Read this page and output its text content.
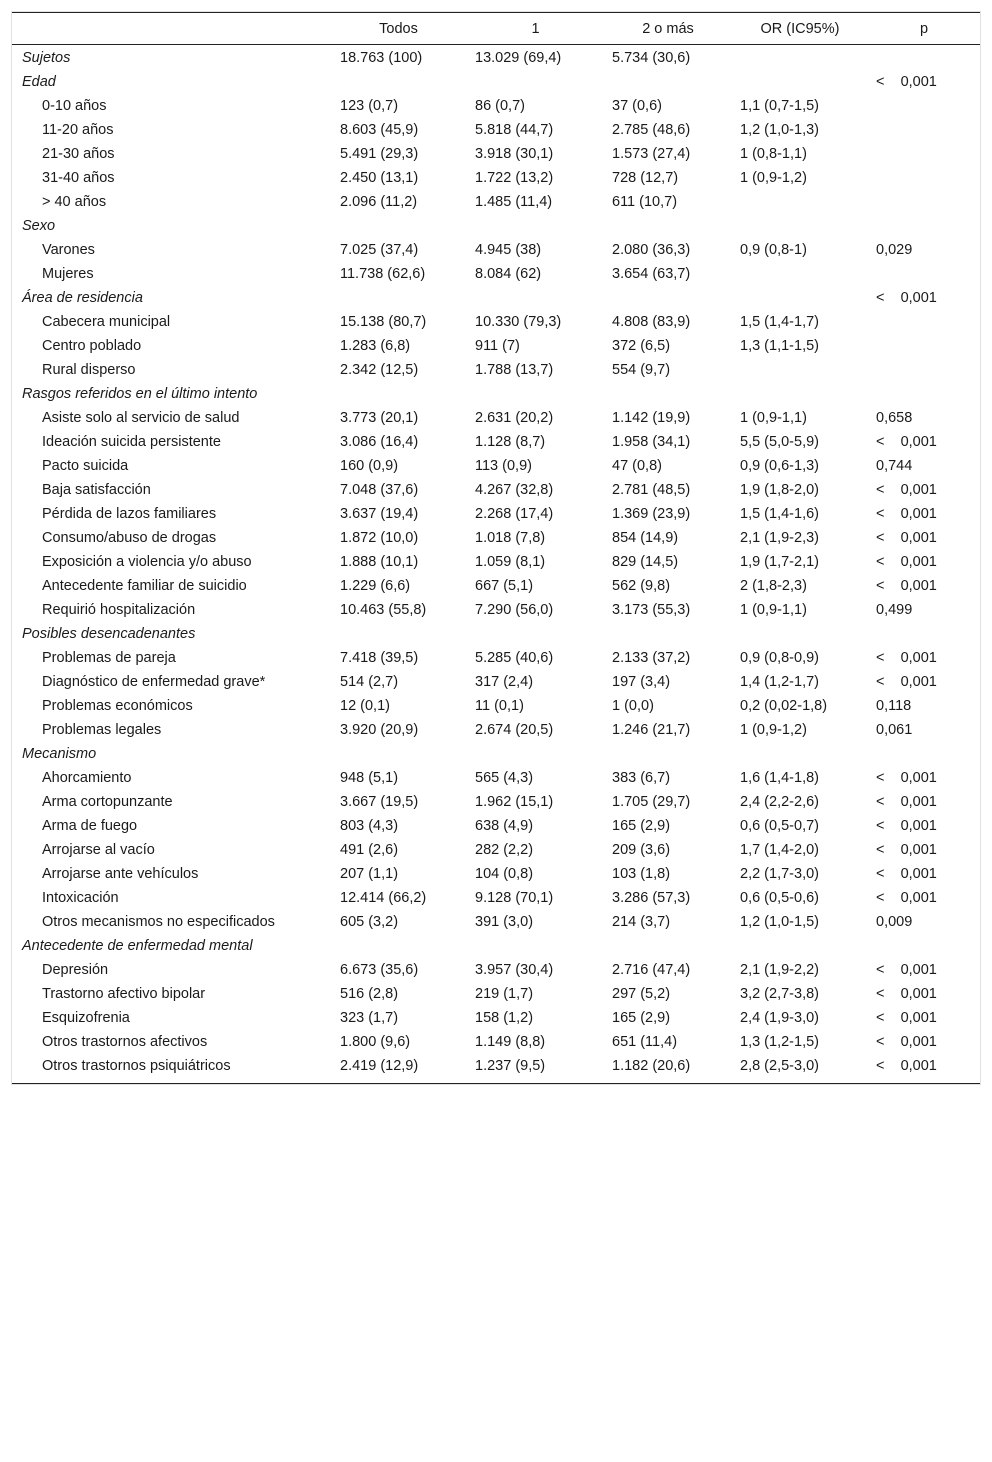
	Todos	1	2 o más	OR (IC95%)	p
Sujetos	18.763 (100)	13.029 (69,4)	5.734 (30,6)		
Edad					<    0,001
0-10 años	123 (0,7)	86 (0,7)	37 (0,6)	1,1 (0,7-1,5)	
11-20 años	8.603 (45,9)	5.818 (44,7)	2.785 (48,6)	1,2 (1,0-1,3)	
21-30 años	5.491 (29,3)	3.918 (30,1)	1.573 (27,4)	1 (0,8-1,1)	
31-40 años	2.450 (13,1)	1.722 (13,2)	728 (12,7)	1 (0,9-1,2)	
> 40 años	2.096 (11,2)	1.485 (11,4)	611 (10,7)		
Sexo					
Varones	7.025 (37,4)	4.945 (38)	2.080 (36,3)	0,9 (0,8-1)	0,029
Mujeres	11.738 (62,6)	8.084 (62)	3.654 (63,7)		
Área de residencia					<    0,001
Cabecera municipal	15.138 (80,7)	10.330 (79,3)	4.808 (83,9)	1,5 (1,4-1,7)	
Centro poblado	1.283 (6,8)	911 (7)	372 (6,5)	1,3 (1,1-1,5)	
Rural disperso	2.342 (12,5)	1.788 (13,7)	554 (9,7)		
Rasgos referidos en el último intento					
Asiste solo al servicio de salud	3.773 (20,1)	2.631 (20,2)	1.142 (19,9)	1 (0,9-1,1)	0,658
Ideación suicida persistente	3.086 (16,4)	1.128 (8,7)	1.958 (34,1)	5,5 (5,0-5,9)	<    0,001
Pacto suicida	160 (0,9)	113 (0,9)	47 (0,8)	0,9 (0,6-1,3)	0,744
Baja satisfacción	7.048 (37,6)	4.267 (32,8)	2.781 (48,5)	1,9 (1,8-2,0)	<    0,001
Pérdida de lazos familiares	3.637 (19,4)	2.268 (17,4)	1.369 (23,9)	1,5 (1,4-1,6)	<    0,001
Consumo/abuso de drogas	1.872 (10,0)	1.018 (7,8)	854 (14,9)	2,1 (1,9-2,3)	<    0,001
Exposición a violencia y/o abuso	1.888 (10,1)	1.059 (8,1)	829 (14,5)	1,9 (1,7-2,1)	<    0,001
Antecedente familiar de suicidio	1.229 (6,6)	667 (5,1)	562 (9,8)	2 (1,8-2,3)	<    0,001
Requirió hospitalización	10.463 (55,8)	7.290 (56,0)	3.173 (55,3)	1 (0,9-1,1)	0,499
Posibles desencadenantes					
Problemas de pareja	7.418 (39,5)	5.285 (40,6)	2.133 (37,2)	0,9 (0,8-0,9)	<    0,001
Diagnóstico de enfermedad grave*	514 (2,7)	317 (2,4)	197 (3,4)	1,4 (1,2-1,7)	<    0,001
Problemas económicos	12 (0,1)	11 (0,1)	1 (0,0)	0,2 (0,02-1,8)	0,118
Problemas legales	3.920 (20,9)	2.674 (20,5)	1.246 (21,7)	1 (0,9-1,2)	0,061
Mecanismo					
Ahorcamiento	948 (5,1)	565 (4,3)	383 (6,7)	1,6 (1,4-1,8)	<    0,001
Arma cortopunzante	3.667 (19,5)	1.962 (15,1)	1.705 (29,7)	2,4 (2,2-2,6)	<    0,001
Arma de fuego	803 (4,3)	638 (4,9)	165 (2,9)	0,6 (0,5-0,7)	<    0,001
Arrojarse al vacío	491 (2,6)	282 (2,2)	209 (3,6)	1,7 (1,4-2,0)	<    0,001
Arrojarse ante vehículos	207 (1,1)	104 (0,8)	103 (1,8)	2,2 (1,7-3,0)	<    0,001
Intoxicación	12.414 (66,2)	9.128 (70,1)	3.286 (57,3)	0,6 (0,5-0,6)	<    0,001
Otros mecanismos no especificados	605 (3,2)	391 (3,0)	214 (3,7)	1,2 (1,0-1,5)	0,009
Antecedente de enfermedad mental					
Depresión	6.673 (35,6)	3.957 (30,4)	2.716 (47,4)	2,1 (1,9-2,2)	<    0,001
Trastorno afectivo bipolar	516 (2,8)	219 (1,7)	297 (5,2)	3,2 (2,7-3,8)	<    0,001
Esquizofrenia	323 (1,7)	158 (1,2)	165 (2,9)	2,4 (1,9-3,0)	<    0,001
Otros trastornos afectivos	1.800 (9,6)	1.149 (8,8)	651 (11,4)	1,3 (1,2-1,5)	<    0,001
Otros trastornos psiquiátricos	2.419 (12,9)	1.237 (9,5)	1.182 (20,6)	2,8 (2,5-3,0)	<    0,001
